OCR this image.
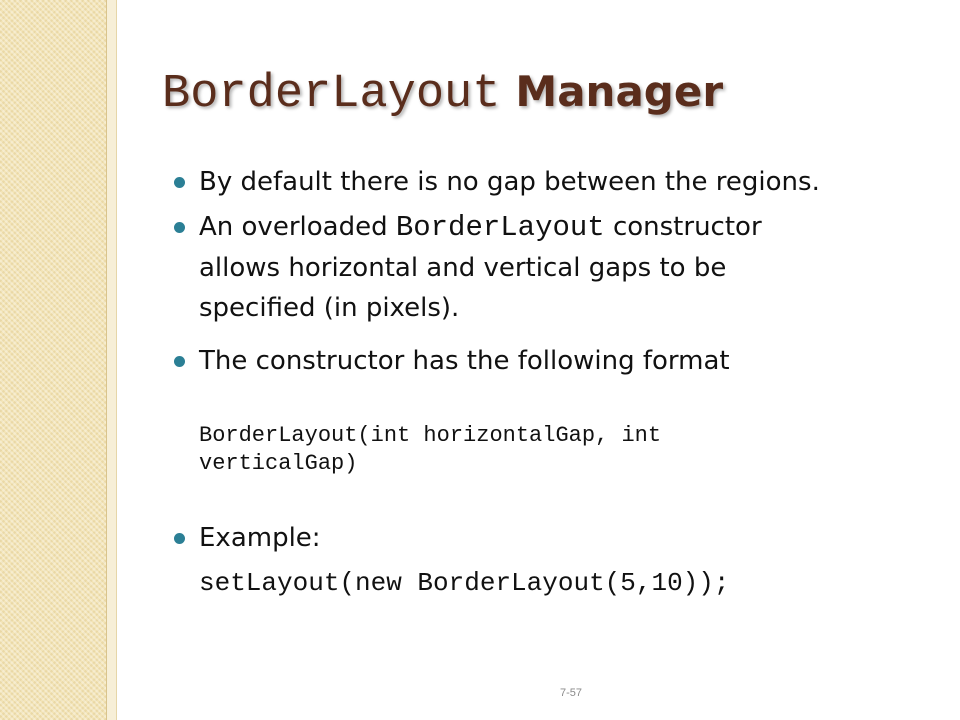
BorderLayout Manager
By default there is no gap between the regions.
An overloaded BorderLayout constructor
allows horizontal and vertical gaps to be
specified (in pixels).
The constructor has the following format
Example:
BorderLayout(int horizontalGap, int
verticalGap)
setLayout(new BorderLayout(5,10));
7-57
